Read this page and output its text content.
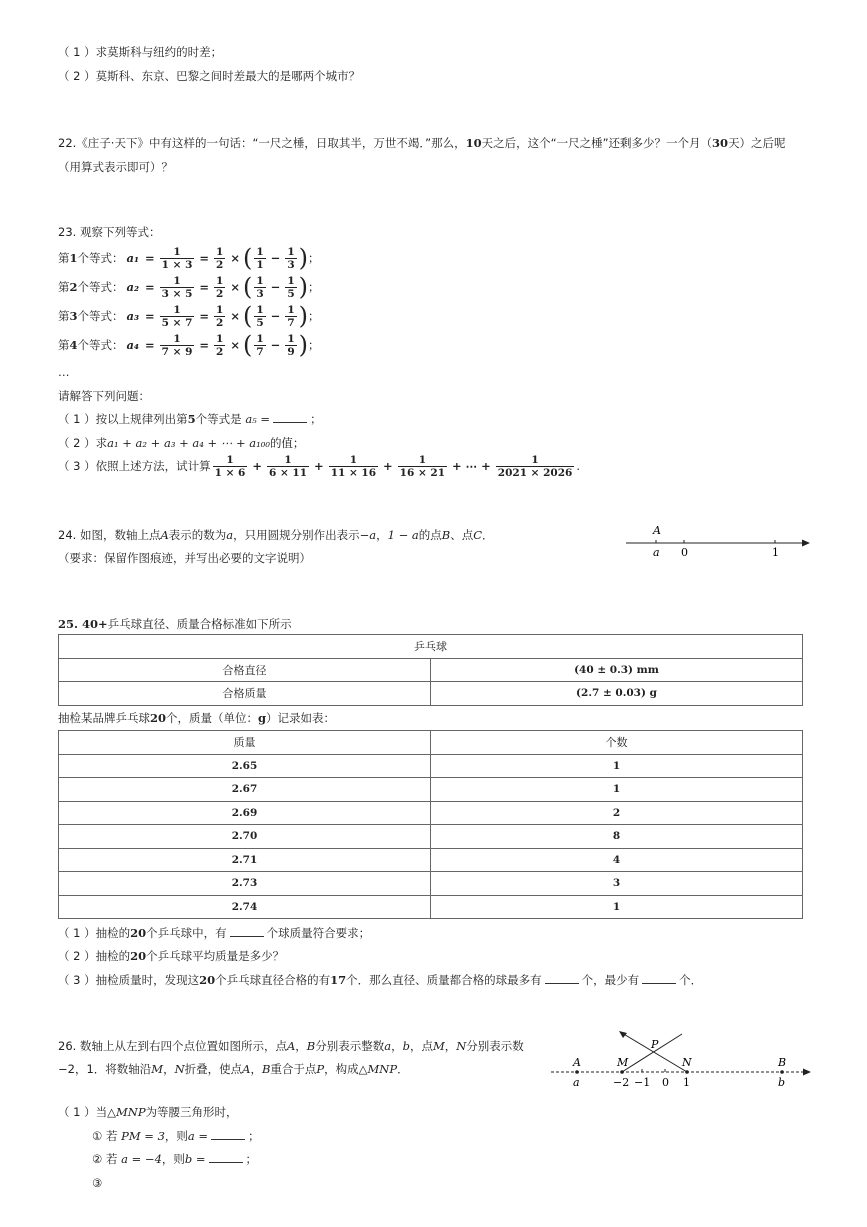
（ 1 ）求莫斯科与纽约的时差；
（ 2 ）莫斯科、东京、巴黎之间时差最大的是哪两个城市？
22.《庄子·天下》中有这样的一句话：“一尺之棰，日取其半，万世不竭．”那么，10天之后，这个“一尺之棰”还剩多少？一个月（30天）之后呢
（用算式表示即可）？
23. 观察下列等式：
第 1 个等式： $a_1 = \frac{1}{1 \times 3} = \frac{1}{2}$ × ( $\frac{1}{1} - \frac{1}{3}$ ) ；
第 2 个等式： $a_2 = \frac{1}{3 \times 5} = \frac{1}{2}$ × ( $\frac{1}{3} - \frac{1}{5}$ ) ；
第 3 个等式： $a_3 = \frac{1}{5 \times 7} = \frac{1}{2}$ × ( $\frac{1}{5} - \frac{1}{7}$ ) ；
第 4 个等式： $a_4 = \frac{1}{7 \times 9} = \frac{1}{2}$ × ( $\frac{1}{7} - \frac{1}{9}$ ) ；
…
请解答下列问题：
（ 1 ）按以上规律列出第5个等式是 a₅ =	；
（ 2 ）求a₁ + a₂ + a₃ + a₄ + ⋯ + a₁₀₀的值；
（ 3 ）依照上述方法，试计算 $\frac{1}{1 \times 6} + \frac{1}{6 \times 11} + \frac{1}{11 \times 16} + \frac{1}{16 \times 21}$ + ⋯ + $\frac{1}{2021 \times 2026}$ .
24. 如图，数轴上点A表示的数为a，只用圆规分别作出表示−a，1 − a的点B、点C．
（要求：保留作图痕迹，并写出必要的文字说明）
A
a 0	1
25. 40+乒乓球直径、质量合格标准如下所示
乒乓球	
合格直径	(40 ± 0.3) mm
合格质量	(2.7 ± 0.03) g
抽检某品牌乒乓球20个，质量（单位：g）记录如表：
质量	个数
2.65	1
2.67	1
2.69	2
2.70	8
2.71	4
2.73	3
2.74	1
（ 1 ）抽检的20个乒乓球中，有	个球质量符合要求；
（ 2 ）抽检的20个乒乓球平均质量是多少？
（ 3 ）抽检质量时，发现这20个乒乓球直径合格的有17个．那么直径、质量都合格的球最多有	个，最少有	个．
26. 数轴上从左到右四个点位置如图所示，点A，B分别表示整数a，b，点M，N分别表示数
−2，1．将数轴沿M，N折叠，使点A，B重合于点P，构成△MNP．	A	M
P
N	B
a	b
−2 −1 0 1
（ 1 ）当△MNP为等腰三角形时，
① 若 PM = 3，则a =	；
② 若 a = −4，则b =	；
③
